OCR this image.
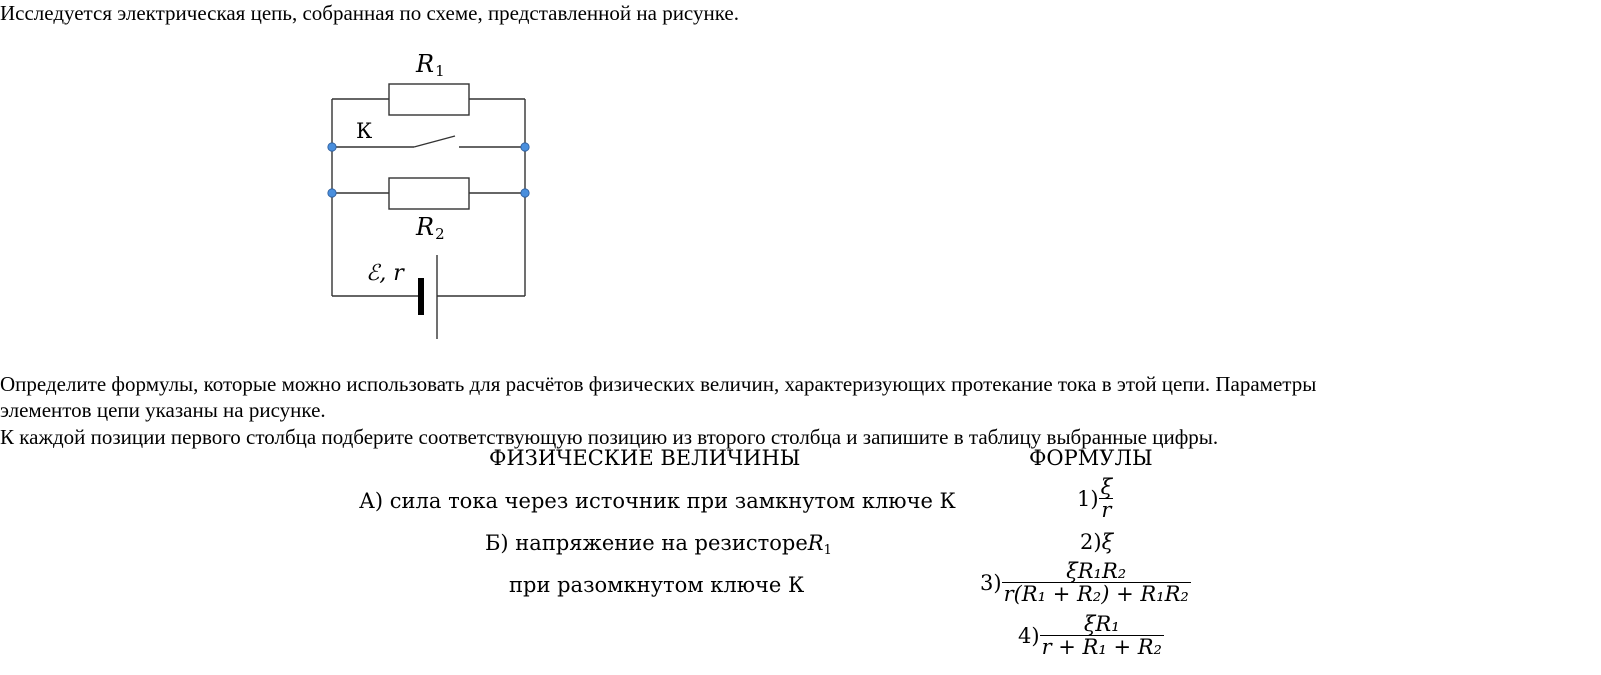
Исследуется электрическая цепь, собранная по схеме, представленной на рисунке.
R1
К
R2
ℰ, r
Определите формулы, которые можно использовать для расчётов физических величин, характеризующих протекание тока в этой цепи. Параметры
элементов цепи указаны на рисунке.
К каждой позиции первого столбца подберите соответствующую позицию из второго столбца и запишите в таблицу выбранные цифры.
ФИЗИЧЕСКИЕ ВЕЛИЧИНЫ	ФОРМУЛЫ
А) сила тока через источник при замкнутом ключе К
Б) напряжение на резистореR$_1$
при разомкнутом ключе К
$1) \frac{\xi}{r}$
2) ξ
$3) \frac{\text{ξR₁R₂}}{\text{r(R₁ + R₂) + R₁R₂}}$
$4) \frac{\text{ξR₁}}{\text{r + R₁ + R₂}}$
